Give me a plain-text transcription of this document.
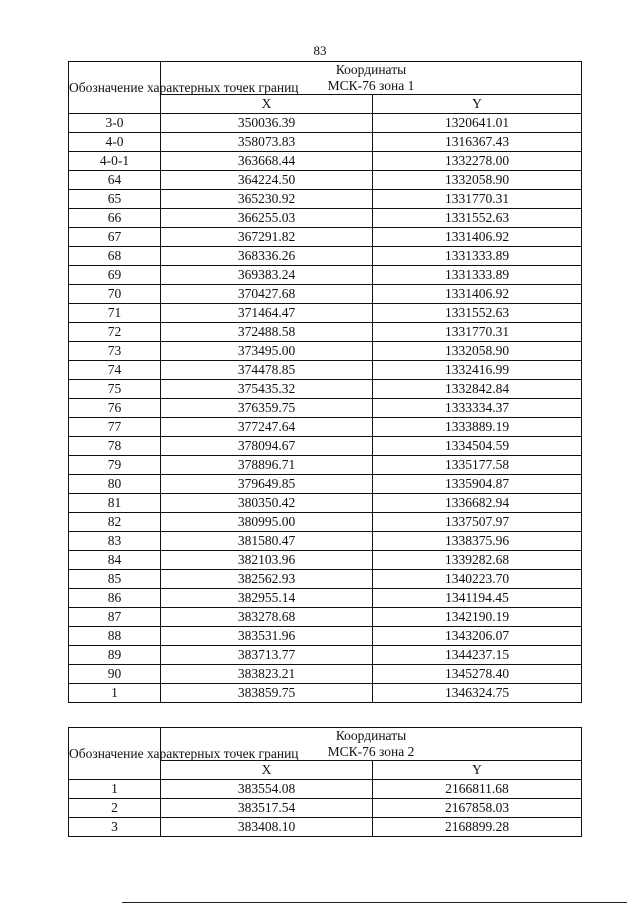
83
Обозначение характерных точек границ	Координаты
МСК-76 зона 1	
	X	Y
3-0	350036.39	1320641.01
4-0	358073.83	1316367.43
4-0-1	363668.44	1332278.00
64	364224.50	1332058.90
65	365230.92	1331770.31
66	366255.03	1331552.63
67	367291.82	1331406.92
68	368336.26	1331333.89
69	369383.24	1331333.89
70	370427.68	1331406.92
71	371464.47	1331552.63
72	372488.58	1331770.31
73	373495.00	1332058.90
74	374478.85	1332416.99
75	375435.32	1332842.84
76	376359.75	1333334.37
77	377247.64	1333889.19
78	378094.67	1334504.59
79	378896.71	1335177.58
80	379649.85	1335904.87
81	380350.42	1336682.94
82	380995.00	1337507.97
83	381580.47	1338375.96
84	382103.96	1339282.68
85	382562.93	1340223.70
86	382955.14	1341194.45
87	383278.68	1342190.19
88	383531.96	1343206.07
89	383713.77	1344237.15
90	383823.21	1345278.40
1	383859.75	1346324.75
Обозначение характерных точек границ	Координаты
МСК-76 зона 2	
	X	Y
1	383554.08	2166811.68
2	383517.54	2167858.03
3	383408.10	2168899.28
